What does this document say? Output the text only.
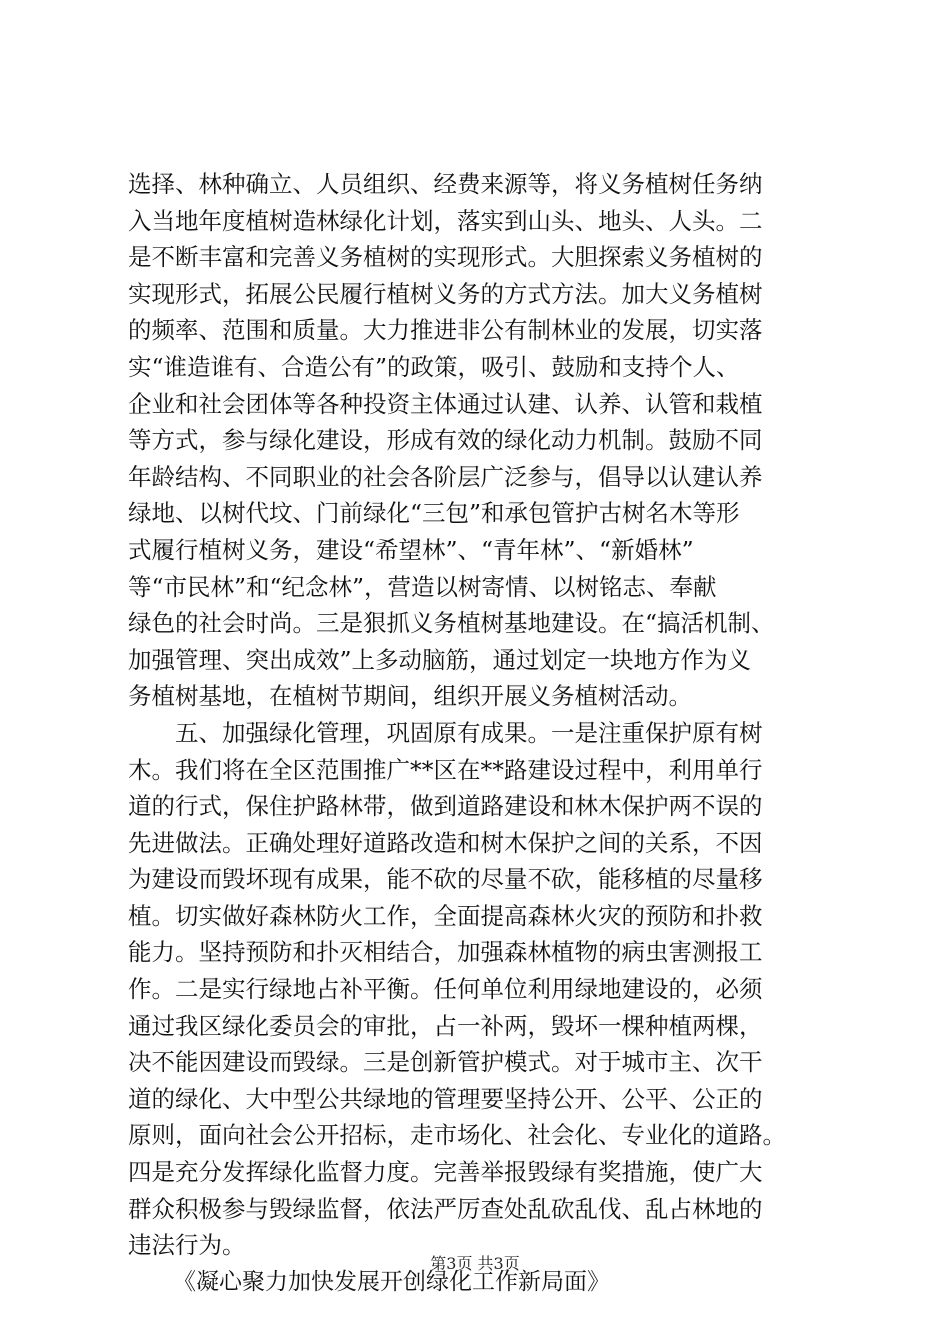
选择、林种确立、人员组织、经费来源等，将义务植树任务纳
入当地年度植树造林绿化计划，落实到山头、地头、人头。二
是不断丰富和完善义务植树的实现形式。大胆探索义务植树的
实现形式，拓展公民履行植树义务的方式方法。加大义务植树
的频率、范围和质量。大力推进非公有制林业的发展，切实落
实“谁造谁有、合造公有”的政策，吸引、鼓励和支持个人、
企业和社会团体等各种投资主体通过认建、认养、认管和栽植
等方式，参与绿化建设，形成有效的绿化动力机制。鼓励不同
年龄结构、不同职业的社会各阶层广泛参与，倡导以认建认养
绿地、以树代坟、门前绿化“三包”和承包管护古树名木等形
式履行植树义务，建设“希望林”、“青年林”、“新婚林”
等“市民林”和“纪念林”，营造以树寄情、以树铭志、奉献
绿色的社会时尚。三是狠抓义务植树基地建设。在“搞活机制、
加强管理、突出成效”上多动脑筋，通过划定一块地方作为义
务植树基地，在植树节期间，组织开展义务植树活动。
五、加强绿化管理，巩固原有成果。一是注重保护原有树
木。我们将在全区范围推广**区在**路建设过程中，利用单行
道的行式，保住护路林带，做到道路建设和林木保护两不误的
先进做法。正确处理好道路改造和树木保护之间的关系，不因
为建设而毁坏现有成果，能不砍的尽量不砍，能移植的尽量移
植。切实做好森林防火工作，全面提高森林火灾的预防和扑救
能力。坚持预防和扑灭相结合，加强森林植物的病虫害测报工
作。二是实行绿地占补平衡。任何单位利用绿地建设的，必须
通过我区绿化委员会的审批，占一补两，毁坏一棵种植两棵，
决不能因建设而毁绿。三是创新管护模式。对于城市主、次干
道的绿化、大中型公共绿地的管理要坚持公开、公平、公正的
原则，面向社会公开招标，走市场化、社会化、专业化的道路。
四是充分发挥绿化监督力度。完善举报毁绿有奖措施，使广大
群众积极参与毁绿监督，依法严厉查处乱砍乱伐、乱占林地的
违法行为。
《凝心聚力加快发展开创绿化工作新局面》
第3页 共3页
